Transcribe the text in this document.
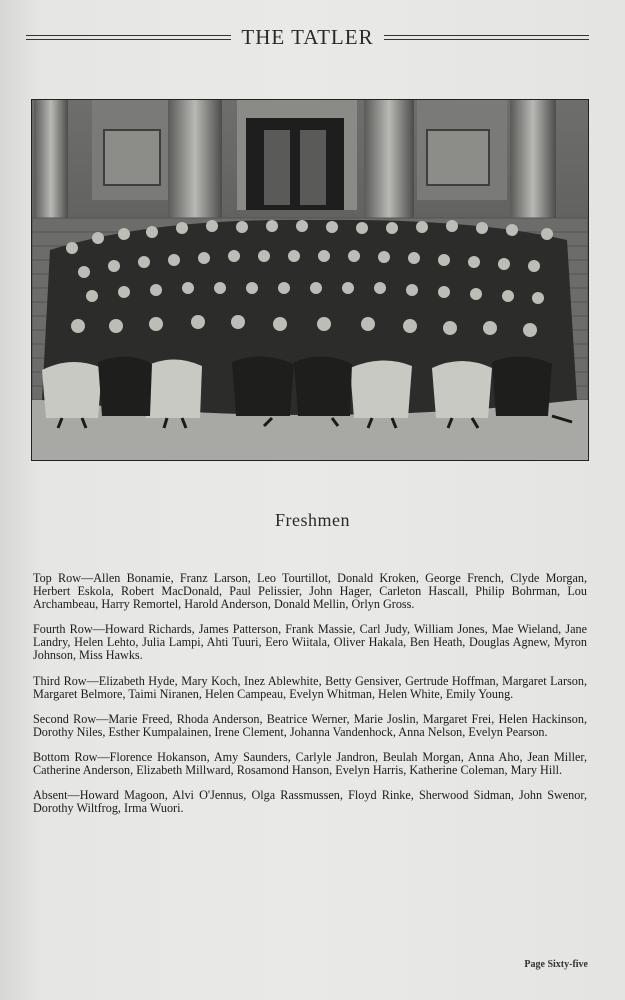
THE TATLER
Freshmen

Top Row—Allen Bonamie, Franz Larson, Leo Tourtillot, Donald Kroken, George French, Clyde Morgan, Herbert Eskola, Robert MacDonald, Paul Pelissier, John Hager, Carleton Hascall, Philip Bohrman, Lou Archambeau, Harry Remortel, Harold Anderson, Donald Mellin, Orlyn Gross.

Fourth Row—Howard Richards, James Patterson, Frank Massie, Carl Judy, William Jones, Mae Wieland, Jane Landry, Helen Lehto, Julia Lampi, Ahti Tuuri, Eero Wiitala, Oliver Hakala, Ben Heath, Douglas Agnew, Myron Johnson, Miss Hawks.

Third Row—Elizabeth Hyde, Mary Koch, Inez Ablewhite, Betty Gensiver, Gertrude Hoffman, Margaret Larson, Margaret Belmore, Taimi Niranen, Helen Campeau, Evelyn Whitman, Helen White, Emily Young.

Second Row—Marie Freed, Rhoda Anderson, Beatrice Werner, Marie Joslin, Margaret Frei, Helen Hackinson, Dorothy Niles, Esther Kumpalainen, Irene Clement, Johanna Vandenhock, Anna Nelson, Evelyn Pearson.

Bottom Row—Florence Hokanson, Amy Saunders, Carlyle Jandron, Beulah Morgan, Anna Aho, Jean Miller, Catherine Anderson, Elizabeth Millward, Rosamond Hanson, Evelyn Harris, Katherine Coleman, Mary Hill.

Absent—Howard Magoon, Alvi O'Jennus, Olga Rassmussen, Floyd Rinke, Sherwood Sidman, John Swenor, Dorothy Wiltfrog, Irma Wuori.

Page Sixty-five
